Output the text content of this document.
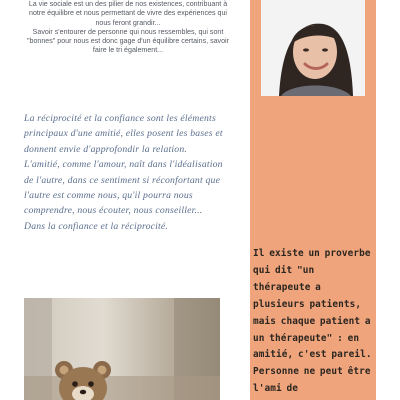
La vie sociale est un des pilier de nos existences, contribuant à notre équilibre et nous permettant de vivre des expériences qui nous feront grandir...

Savoir s'entourer de personne qui nous ressembles, qui sont "bonnes" pour nous est donc gage d'un équilibre certains, savoir faire le tri également...

La réciprocité et la confiance sont les éléments principaux d'une amitié, elles posent les bases et donnent envie d'approfondir la relation. L'amitié, comme l'amour, naît dans l'idéalisation de l'autre, dans ce sentiment si réconfortant que l'autre est comme nous, qu'il pourra nous comprendre, nous écouter, nous conseiller... Dans la confiance et la réciprocité.
Il existe un proverbe qui dit "un thérapeute a plusieurs patients, mais chaque patient a un thérapeute" : en amitié, c'est pareil. Personne ne peut être l'ami de
